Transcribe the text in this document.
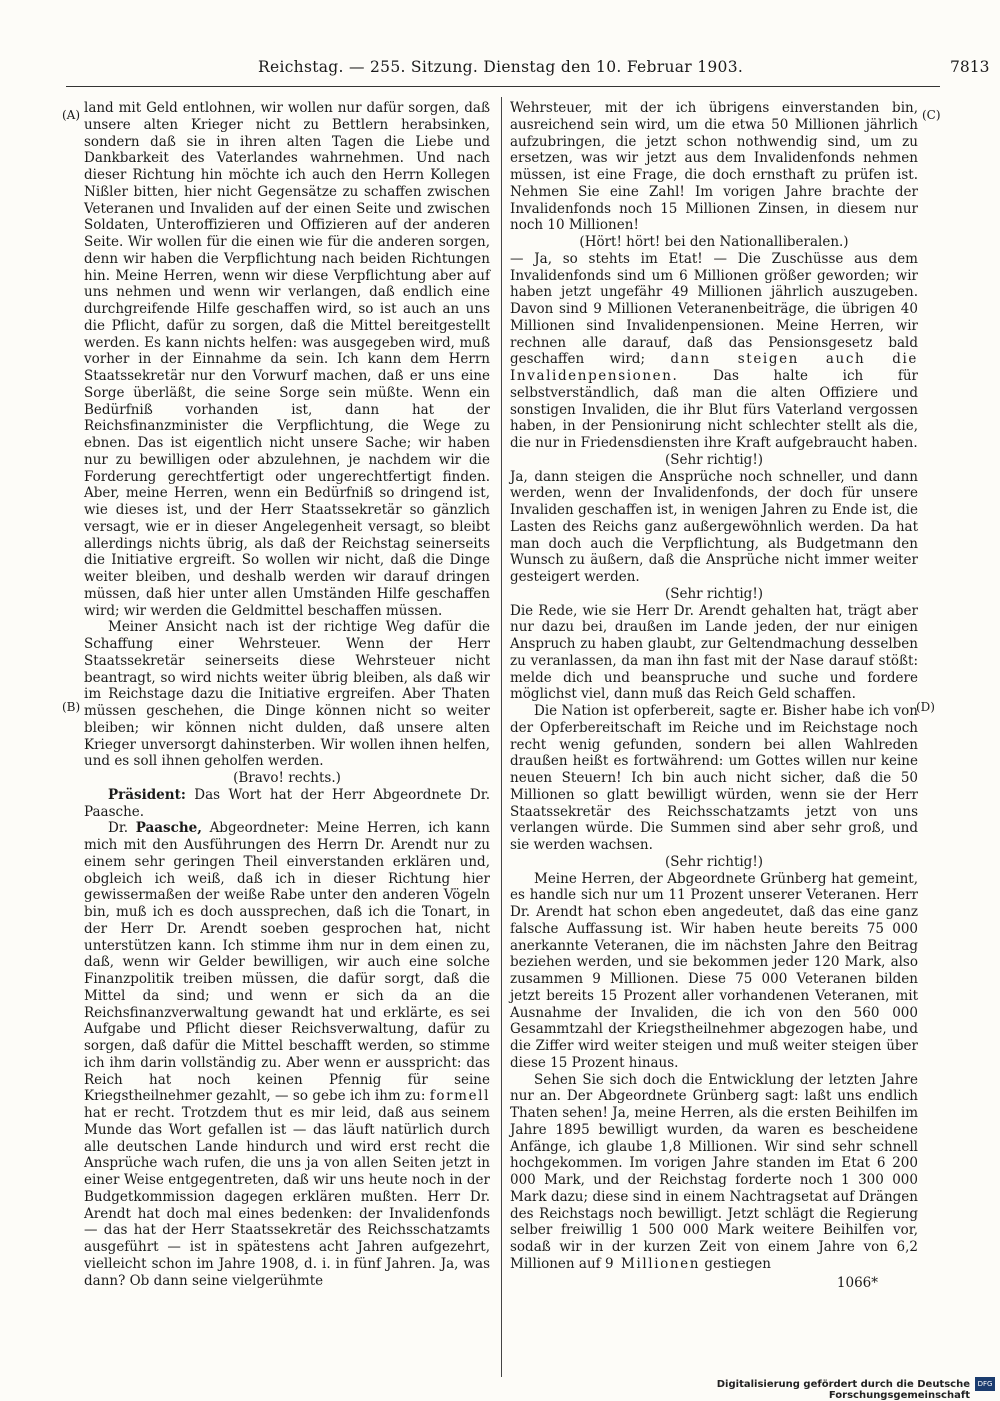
Reichstag. — 255. Sitzung. Dienstag den 10. Februar 1903.	7813
(A)
(B)
(C)
(D)

land mit Geld entlohnen, wir wollen nur dafür sorgen, daß unsere alten Krieger nicht zu Bettlern herabsinken, sondern daß sie in ihren alten Tagen die Liebe und Dankbarkeit des Vaterlandes wahrnehmen. Und nach dieser Richtung hin möchte ich auch den Herrn Kollegen Nißler bitten, hier nicht Gegensätze zu schaffen zwischen Veteranen und Invaliden auf der einen Seite und zwischen Soldaten, Unteroffizieren und Offizieren auf der anderen Seite. Wir wollen für die einen wie für die anderen sorgen, denn wir haben die Verpflichtung nach beiden Richtungen hin. Meine Herren, wenn wir diese Verpflichtung aber auf uns nehmen und wenn wir verlangen, daß endlich eine durchgreifende Hilfe geschaffen wird, so ist auch an uns die Pflicht, dafür zu sorgen, daß die Mittel bereitgestellt werden. Es kann nichts helfen: was ausgegeben wird, muß vorher in der Einnahme da sein. Ich kann dem Herrn Staatssekretär nur den Vorwurf machen, daß er uns eine Sorge überläßt, die seine Sorge sein müßte. Wenn ein Bedürfniß vorhanden ist, dann hat der Reichsfinanzminister die Verpflichtung, die Wege zu ebnen. Das ist eigentlich nicht unsere Sache; wir haben nur zu bewilligen oder abzulehnen, je nachdem wir die Forderung gerechtfertigt oder ungerechtfertigt finden. Aber, meine Herren, wenn ein Bedürfniß so dringend ist, wie dieses ist, und der Herr Staatssekretär so gänzlich versagt, wie er in dieser Angelegenheit versagt, so bleibt allerdings nichts übrig, als daß der Reichstag seinerseits die Initiative ergreift. So wollen wir nicht, daß die Dinge weiter bleiben, und deshalb werden wir darauf dringen müssen, daß hier unter allen Umständen Hilfe geschaffen wird; wir werden die Geldmittel beschaffen müssen.

Meiner Ansicht nach ist der richtige Weg dafür die Schaffung einer Wehrsteuer. Wenn der Herr Staatssekretär seinerseits diese Wehrsteuer nicht beantragt, so wird nichts weiter übrig bleiben, als daß wir im Reichstage dazu die Initiative ergreifen. Aber Thaten müssen geschehen, die Dinge können nicht so weiter bleiben; wir können nicht dulden, daß unsere alten Krieger unversorgt dahinsterben. Wir wollen ihnen helfen, und es soll ihnen geholfen werden.

(Bravo! rechts.)

Präsident: Das Wort hat der Herr Abgeordnete Dr. Paasche.

Dr. Paasche, Abgeordneter: Meine Herren, ich kann mich mit den Ausführungen des Herrn Dr. Arendt nur zu einem sehr geringen Theil einverstanden erklären und, obgleich ich weiß, daß ich in dieser Richtung hier gewissermaßen der weiße Rabe unter den anderen Vögeln bin, muß ich es doch aussprechen, daß ich die Tonart, in der Herr Dr. Arendt soeben gesprochen hat, nicht unterstützen kann. Ich stimme ihm nur in dem einen zu, daß, wenn wir Gelder bewilligen, wir auch eine solche Finanzpolitik treiben müssen, die dafür sorgt, daß die Mittel da sind; und wenn er sich da an die Reichsfinanzverwaltung gewandt hat und erklärte, es sei Aufgabe und Pflicht dieser Reichsverwaltung, dafür zu sorgen, daß dafür die Mittel beschafft werden, so stimme ich ihm darin vollständig zu. Aber wenn er ausspricht: das Reich hat noch keinen Pfennig für seine Kriegstheilnehmer gezahlt, — so gebe ich ihm zu: formell hat er recht. Trotzdem thut es mir leid, daß aus seinem Munde das Wort gefallen ist — das läuft natürlich durch alle deutschen Lande hindurch und wird erst recht die Ansprüche wach rufen, die uns ja von allen Seiten jetzt in einer Weise entgegentreten, daß wir uns heute noch in der Budgetkommission dagegen erklären mußten. Herr Dr. Arendt hat doch mal eines bedenken: der Invalidenfonds — das hat der Herr Staatssekretär des Reichsschatzamts ausgeführt — ist in spätestens acht Jahren aufgezehrt, vielleicht schon im Jahre 1908, d. i. in fünf Jahren. Ja, was dann? Ob dann seine vielgerühmte

Wehrsteuer, mit der ich übrigens einverstanden bin, ausreichend sein wird, um die etwa 50 Millionen jährlich aufzubringen, die jetzt schon nothwendig sind, um zu ersetzen, was wir jetzt aus dem Invalidenfonds nehmen müssen, ist eine Frage, die doch ernsthaft zu prüfen ist. Nehmen Sie eine Zahl! Im vorigen Jahre brachte der Invalidenfonds noch 15 Millionen Zinsen, in diesem nur noch 10 Millionen!

(Hört! hört! bei den Nationalliberalen.)

— Ja, so stehts im Etat! — Die Zuschüsse aus dem Invalidenfonds sind um 6 Millionen größer geworden; wir haben jetzt ungefähr 49 Millionen jährlich auszugeben. Davon sind 9 Millionen Veteranenbeiträge, die übrigen 40 Millionen sind Invalidenpensionen. Meine Herren, wir rechnen alle darauf, daß das Pensionsgesetz bald geschaffen wird; dann steigen auch die Invalidenpensionen.	Das halte ich für selbstverständlich, daß man die alten Offiziere und sonstigen Invaliden, die ihr Blut fürs Vaterland vergossen haben, in der Pensionirung nicht schlechter stellt als die, die nur in Friedensdiensten ihre Kraft aufgebraucht haben.

(Sehr richtig!)

Ja, dann steigen die Ansprüche noch schneller, und dann werden, wenn der Invalidenfonds, der doch für unsere Invaliden geschaffen ist, in wenigen Jahren zu Ende ist, die Lasten des Reichs ganz außergewöhnlich werden. Da hat man doch auch die Verpflichtung, als Budgetmann den Wunsch zu äußern, daß die Ansprüche nicht immer weiter gesteigert werden.

(Sehr richtig!)

Die Rede, wie sie Herr Dr. Arendt gehalten hat, trägt aber nur dazu bei, draußen im Lande jeden, der nur einigen Anspruch zu haben glaubt, zur Geltendmachung desselben zu veranlassen, da man ihn fast mit der Nase darauf stößt: melde dich und beanspruche und suche und fordere möglichst viel, dann muß das Reich Geld schaffen.

Die Nation ist opferbereit, sagte er. Bisher habe ich von der Opferbereitschaft im Reiche und im Reichstage noch recht wenig gefunden, sondern bei allen Wahlreden draußen heißt es fortwährend: um Gottes willen nur keine neuen Steuern! Ich bin auch nicht sicher, daß die 50 Millionen so glatt bewilligt würden, wenn sie der Herr Staatssekretär des Reichsschatzamts jetzt von uns verlangen würde. Die Summen sind aber sehr groß, und sie werden wachsen.

(Sehr richtig!)

Meine Herren, der Abgeordnete Grünberg hat gemeint, es handle sich nur um 11 Prozent unserer Veteranen. Herr Dr. Arendt hat schon eben angedeutet, daß das eine ganz falsche Auffassung ist. Wir haben heute bereits 75 000 anerkannte Veteranen, die im nächsten Jahre den Beitrag beziehen werden, und sie bekommen jeder 120 Mark, also zusammen 9 Millionen. Diese 75 000 Veteranen bilden jetzt bereits 15 Prozent aller vorhandenen Veteranen, mit Ausnahme der Invaliden, die ich von den 560 000 Gesammtzahl der Kriegstheilnehmer abgezogen habe, und die Ziffer wird weiter steigen und muß weiter steigen über diese 15 Prozent hinaus.

Sehen Sie sich doch die Entwicklung der letzten Jahre nur an. Der Abgeordnete Grünberg sagt: laßt uns endlich Thaten sehen! Ja, meine Herren, als die ersten Beihilfen im Jahre 1895 bewilligt wurden, da waren es bescheidene Anfänge, ich glaube 1,8 Millionen. Wir sind sehr schnell hochgekommen. Im vorigen Jahre standen im Etat 6 200 000 Mark, und der Reichstag forderte noch 1 300 000 Mark dazu; diese sind in einem Nachtragsetat auf Drängen des Reichstags noch bewilligt. Jetzt schlägt die Regierung selber freiwillig 1 500 000 Mark weitere Beihilfen vor, sodaß wir in der kurzen Zeit von einem Jahre von 6,2 Millionen auf 9 Millionen gestiegen

1066*

Digitalisierung gefördert durch die Deutsche Forschungsgemeinschaft
DFG
